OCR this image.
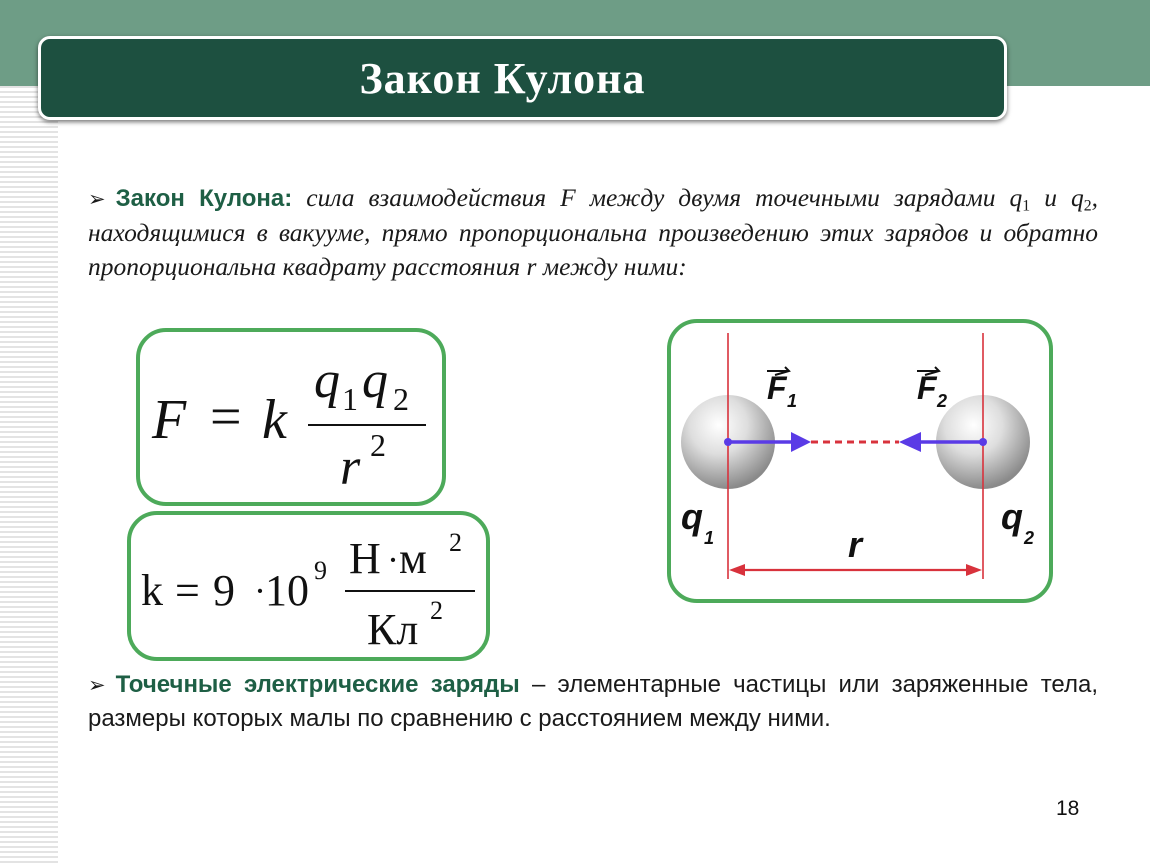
Закон Кулона
➢ Закон Кулона: сила взаимодействия F между двумя точечными зарядами $q_1$ и $q_2$, находящимися в вакууме, прямо пропорциональна произведению этих зарядов и обратно пропорциональна квадрату расстояния r между ними:
F = k
q 1 q 2
r 2
k = 9 · 10 9 Н · м 2
Кл 2
F 1	F 2
q
1
q
2
r
➢ Точечные электрические заряды – элементарные частицы или заряженные тела, размеры которых малы по сравнению с расстоянием между ними.
18
